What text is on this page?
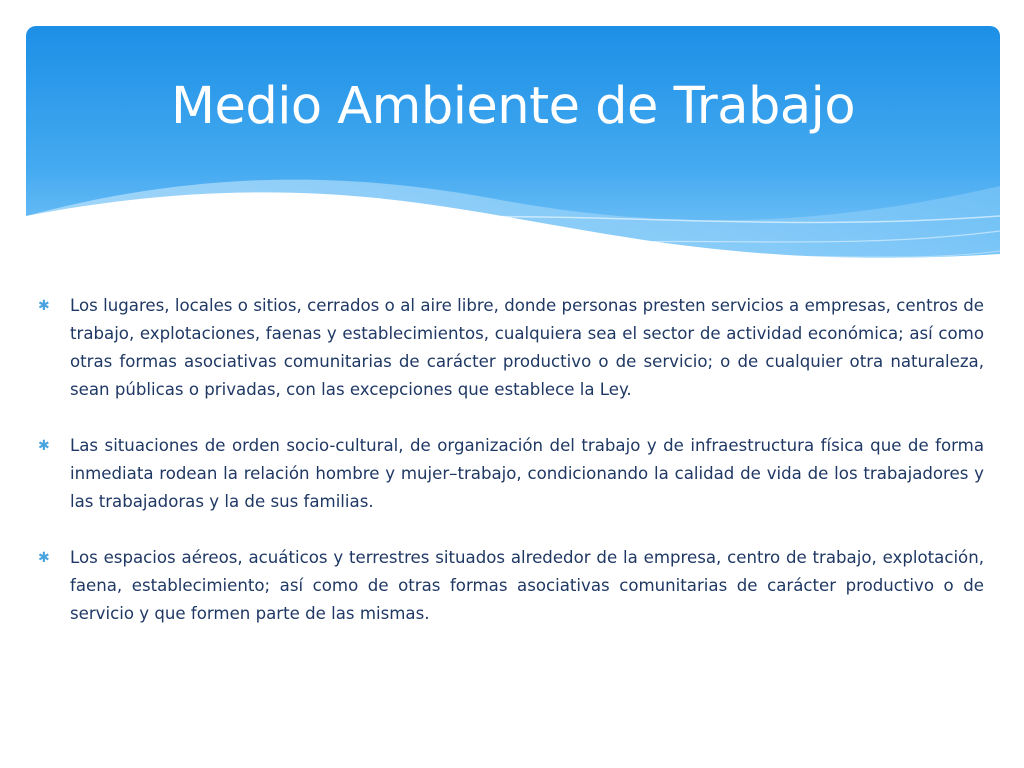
Medio Ambiente de Trabajo
✱ Los lugares, locales o sitios, cerrados o al aire libre, donde personas presten servicios a empresas, centros de trabajo, explotaciones, faenas y establecimientos, cualquiera sea el sector de actividad económica; así como otras formas asociativas comunitarias de carácter productivo o de servicio; o de cualquier otra naturaleza, sean públicas o privadas, con las excepciones que establece la Ley.
✱ Las situaciones de orden socio-cultural, de organización del trabajo y de infraestructura física que de forma inmediata rodean la relación hombre y mujer–trabajo, condicionando la calidad de vida de los trabajadores y las trabajadoras y la de sus familias.
✱ Los espacios aéreos, acuáticos y terrestres situados alrededor de la empresa, centro de trabajo, explotación, faena, establecimiento; así como de otras formas asociativas comunitarias de carácter productivo o de servicio y que formen parte de las mismas.
